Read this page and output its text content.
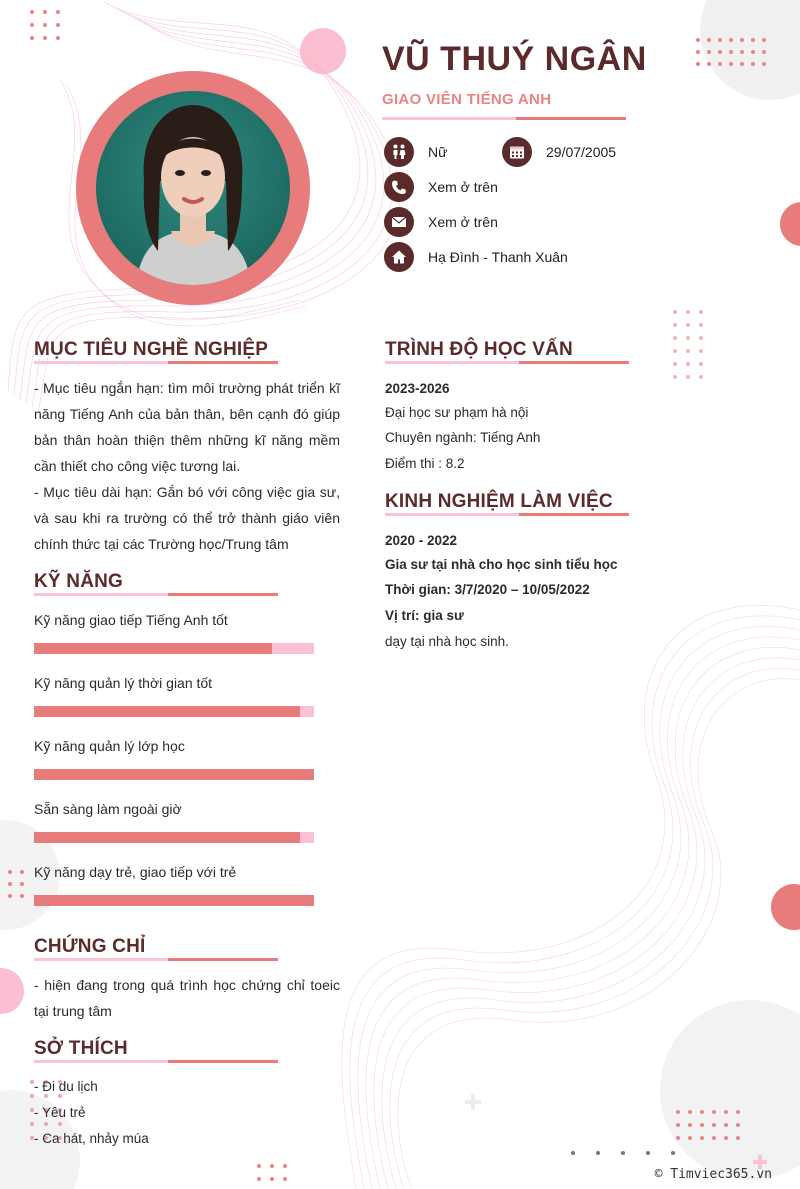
VŨ THUÝ NGÂN
GIAO VIÊN TIẾNG ANH
Nữ	29/07/2005
Xem ở trên
Xem ở trên
Hạ Đình - Thanh Xuân
MỤC TIÊU NGHỀ NGHIỆP
- Mục tiêu ngắn hạn: tìm môi trường phát triển kĩ năng Tiếng Anh của bản thân, bên cạnh đó giúp bản thân hoàn thiện thêm những kĩ năng mềm cần thiết cho công việc tương lai.
- Mục tiêu dài hạn: Gắn bó với công việc gia sư, và sau khi ra trường có thể trở thành giáo viên chính thức tại các Trường học/Trung tâm
KỸ NĂNG
Kỹ năng giao tiếp Tiếng Anh tốt
Kỹ năng quản lý thời gian tốt
Kỹ năng quản lý lớp học
Sẵn sàng làm ngoài giờ
Kỹ năng dạy trẻ, giao tiếp với trẻ
CHỨNG CHỈ
- hiện đang trong quá trình học chứng chỉ toeic tại trung tâm
SỞ THÍCH
- Đi du lịch
- Yêu trẻ
- Ca hát, nhảy múa
TRÌNH ĐỘ HỌC VẤN
2023-2026
Đại học sư phạm hà nội
Chuyên ngành: Tiếng Anh
Điểm thi : 8.2
KINH NGHIỆM LÀM VIỆC
2020 - 2022
Gia sư tại nhà cho học sinh tiểu học
Thời gian: 3/7/2020 – 10/05/2022
Vị trí: gia sư
dạy tại nhà học sinh.
© Timviec365.vn
